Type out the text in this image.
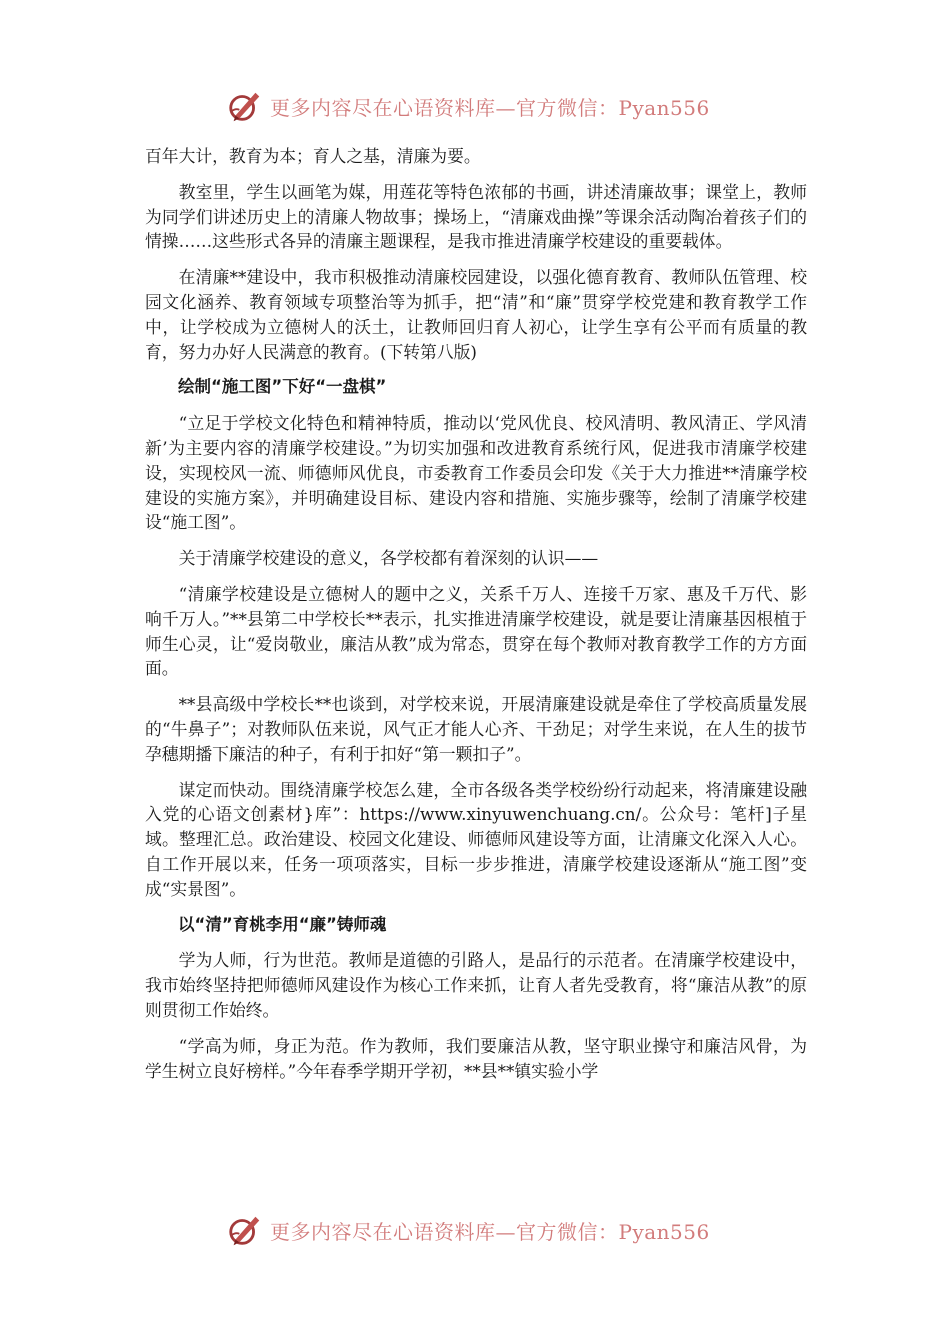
更多内容尽在心语资料库—官方微信：Pyan556

百年大计，教育为本；育人之基，清廉为要。

教室里，学生以画笔为媒，用莲花等特色浓郁的书画，讲述清廉故事；课堂上，教师为同学们讲述历史上的清廉人物故事；操场上，“清廉戏曲操”等课余活动陶冶着孩子们的情操……这些形式各异的清廉主题课程，是我市推进清廉学校建设的重要载体。

在清廉**建设中，我市积极推动清廉校园建设，以强化德育教育、教师队伍管理、校园文化涵养、教育领域专项整治等为抓手，把“清”和“廉”贯穿学校党建和教育教学工作中，让学校成为立德树人的沃土，让教师回归育人初心，让学生享有公平而有质量的教育，努力办好人民满意的教育。(下转第八版)

绘制“施工图”下好“一盘棋”

“立足于学校文化特色和精神特质，推动以‘党风优良、校风清明、教风清正、学风清新’为主要内容的清廉学校建设。”为切实加强和改进教育系统行风，促进我市清廉学校建设，实现校风一流、师德师风优良，市委教育工作委员会印发《关于大力推进**清廉学校建设的实施方案》，并明确建设目标、建设内容和措施、实施步骤等，绘制了清廉学校建设“施工图”。

关于清廉学校建设的意义，各学校都有着深刻的认识——

“清廉学校建设是立德树人的题中之义，关系千万人、连接千万家、惠及千万代、影响千万人。”**县第二中学校长**表示，扎实推进清廉学校建设，就是要让清廉基因根植于师生心灵，让“爱岗敬业，廉洁从教”成为常态，贯穿在每个教师对教育教学工作的方方面面。

**县高级中学校长**也谈到，对学校来说，开展清廉建设就是牵住了学校高质量发展的“牛鼻子”；对教师队伍来说，风气正才能人心齐、干劲足；对学生来说，在人生的拔节孕穗期播下廉洁的种子，有利于扣好“第一颗扣子”。

谋定而快动。围绕清廉学校怎么建，全市各级各类学校纷纷行动起来，将清廉建设融入党的心语文创素材}库”：https://www.xinyuwenchuang.cn/。公众号：笔杆]子星域。整理汇总。政治建设、校园文化建设、师德师风建设等方面，让清廉文化深入人心。自工作开展以来，任务一项项落实，目标一步步推进，清廉学校建设逐渐从“施工图”变成“实景图”。

以“清”育桃李用“廉”铸师魂

学为人师，行为世范。教师是道德的引路人，是品行的示范者。在清廉学校建设中，我市始终坚持把师德师风建设作为核心工作来抓，让育人者先受教育，将“廉洁从教”的原则贯彻工作始终。

“学高为师，身正为范。作为教师，我们要廉洁从教，坚守职业操守和廉洁风骨，为学生树立良好榜样。”今年春季学期开学初，**县**镇实验小学

更多内容尽在心语资料库—官方微信：Pyan556
